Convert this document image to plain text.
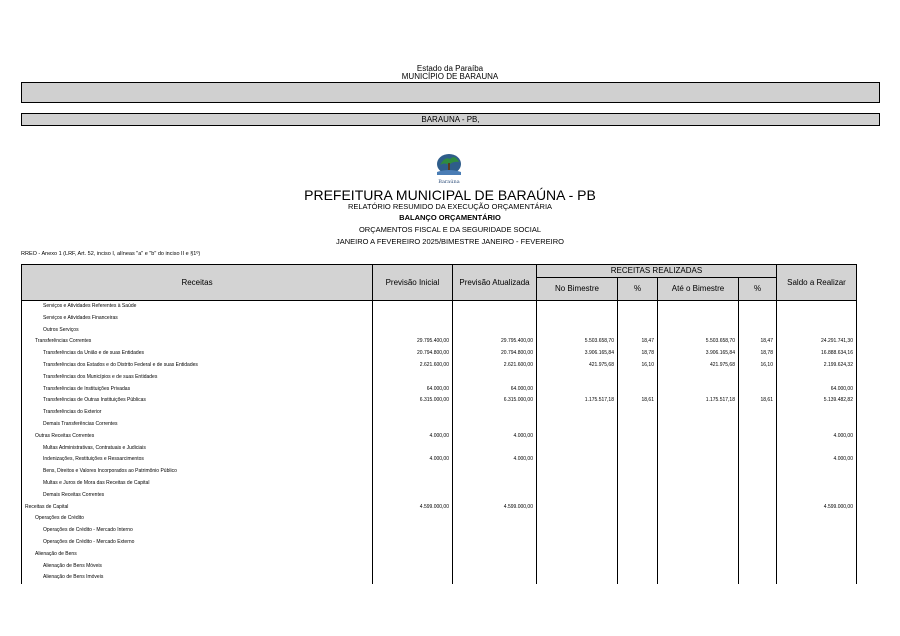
Estado da Paraíba
MUNICÍPIO DE BARAUNA
BARAUNA - PB,
Baraúna
PREFEITURA MUNICIPAL DE BARAÚNA - PB
RELATÓRIO RESUMIDO DA EXECUÇÃO ORÇAMENTÁRIA
BALANÇO ORÇAMENTÁRIO
ORÇAMENTOS FISCAL E DA SEGURIDADE SOCIAL
JANEIRO A FEVEREIRO 2025/BIMESTRE JANEIRO - FEVEREIRO
RREO - Anexo 1 (LRF, Art. 52, inciso I, alíneas "a" e "b" do inciso II e §1º)
Receitas	Previsão Inicial	Previsão Atualizada	RECEITAS REALIZADAS				Saldo a Realizar
			No Bimestre	%	Até o Bimestre	%	
Serviços e Atividades Referentes à Saúde							
Serviços e Atividades Financeiras							
Outros Serviços							
Transferências Correntes	29.795.400,00	29.795.400,00	5.503.658,70	18,47	5.503.658,70	18,47	24.291.741,30
Transferências da União e de suas Entidades	20.794.800,00	20.794.800,00	3.906.165,84	18,78	3.906.165,84	18,78	16.888.634,16
Transferências dos Estados e do Distrito Federal e de suas Entidades	2.621.600,00	2.621.600,00	421.975,68	16,10	421.975,68	16,10	2.199.624,32
Transferências dos Municípios e de suas Entidades							
Transferências de Instituições Privadas	64.000,00	64.000,00					64.000,00
Transferências de Outras Instituições Públicas	6.315.000,00	6.315.000,00	1.175.517,18	18,61	1.175.517,18	18,61	5.139.482,82
Transferências do Exterior							
Demais Transferências Correntes							
Outras Receitas Correntes	4.000,00	4.000,00					4.000,00
Multas Administrativas, Contratuais e Judiciais							
Indenizações, Restituições e Ressarcimentos	4.000,00	4.000,00					4.000,00
Bens, Direitos e Valores Incorporados ao Patrimônio Público							
Multas e Juros de Mora das Receitas de Capital							
Demais Receitas Correntes							
Receitas de Capital	4.599.000,00	4.599.000,00					4.599.000,00
Operações de Crédito							
Operações de Crédito - Mercado Interno							
Operações de Crédito - Mercado Externo							
Alienação de Bens							
Alienação de Bens Móveis							
Alienação de Bens Imóveis							
